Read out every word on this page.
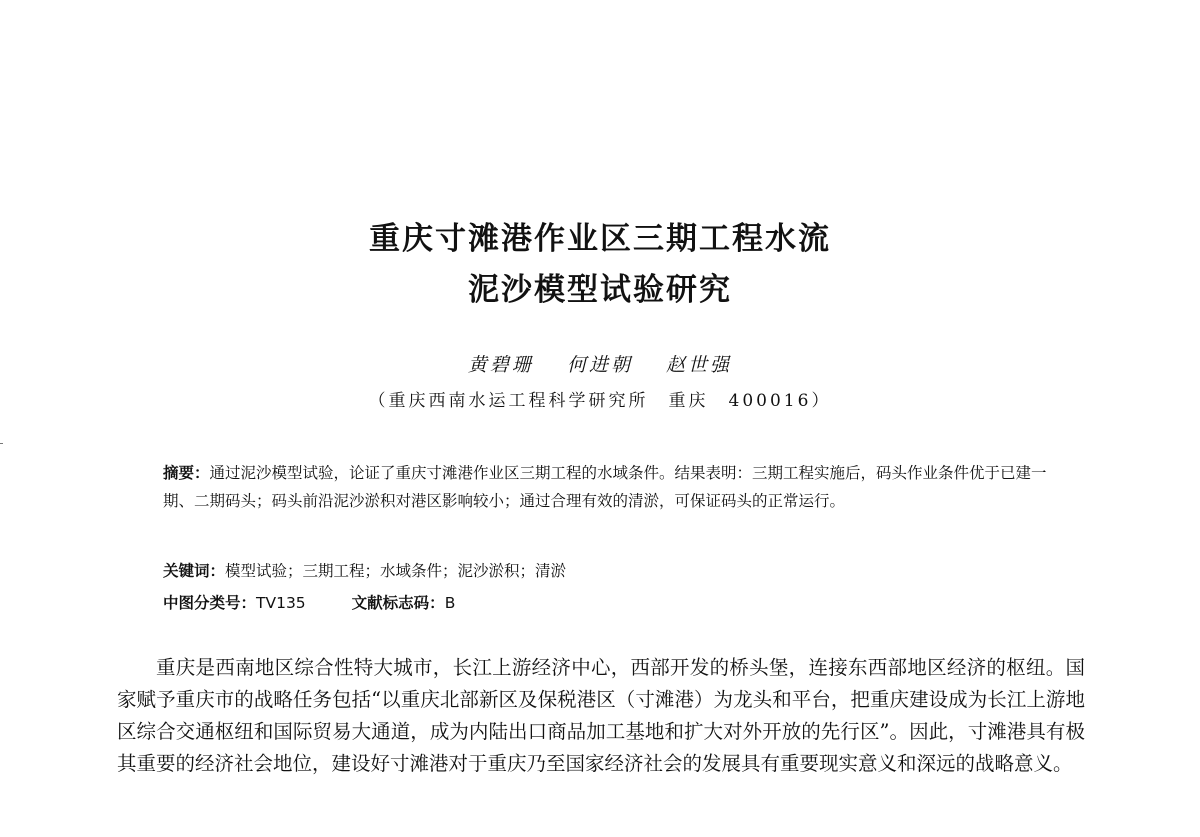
重庆寸滩港作业区三期工程水流
泥沙模型试验研究
黄碧珊 何进朝 赵世强
（重庆西南水运工程科学研究所　重庆　400016）
摘要：通过泥沙模型试验，论证了重庆寸滩港作业区三期工程的水域条件。结果表明：三期工程实施后，码头作业条件优于已建一期、二期码头；码头前沿泥沙淤积对港区影响较小；通过合理有效的清淤，可保证码头的正常运行。
关键词：模型试验；三期工程；水域条件；泥沙淤积；清淤
中图分类号：TV135	文献标志码：B

重庆是西南地区综合性特大城市，长江上游经济中心，西部开发的桥头堡，连接东西部地区经济的枢纽。国家赋予重庆市的战略任务包括“以重庆北部新区及保税港区（寸滩港）为龙头和平台，把重庆建设成为长江上游地区综合交通枢纽和国际贸易大通道，成为内陆出口商品加工基地和扩大对外开放的先行区”。因此，寸滩港具有极其重要的经济社会地位，建设好寸滩港对于重庆乃至国家经济社会的发展具有重要现实意义和深远的战略意义。
